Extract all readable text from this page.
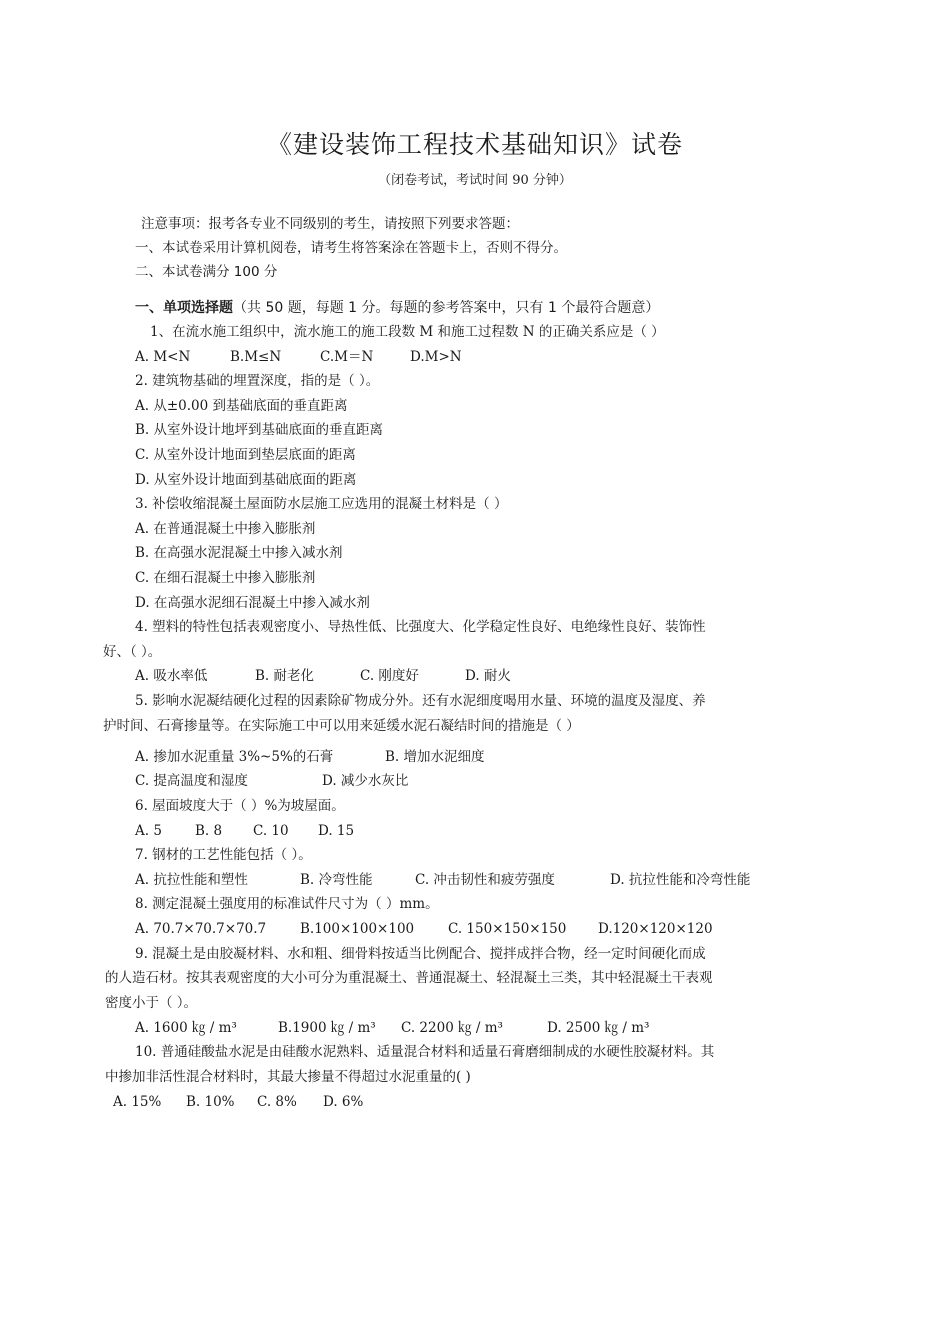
《建设装饰工程技术基础知识》试卷
（闭卷考试，考试时间 90 分钟）
注意事项：报考各专业不同级别的考生，请按照下列要求答题：
一、本试卷采用计算机阅卷，请考生将答案涂在答题卡上，否则不得分。
二、本试卷满分 100 分
一、单项选择题（共 50 题，每题 1 分。每题的参考答案中，只有 1 个最符合题意）
1、在流水施工组织中，流水施工的施工段数 M 和施工过程数 N 的正确关系应是（ ）
A. M<N	B.M≤N	C.M＝N	D.M>N
2. 建筑物基础的埋置深度，指的是（ ）。
A. 从±0.00 到基础底面的垂直距离
B. 从室外设计地坪到基础底面的垂直距离
C. 从室外设计地面到垫层底面的距离
D. 从室外设计地面到基础底面的距离
3. 补偿收缩混凝土屋面防水层施工应选用的混凝土材料是（ ）
A. 在普通混凝土中掺入膨胀剂
B. 在高强水泥混凝土中掺入减水剂
C. 在细石混凝土中掺入膨胀剂
D. 在高强水泥细石混凝土中掺入减水剂
4. 塑料的特性包括表观密度小、导热性低、比强度大、化学稳定性良好、电绝缘性良好、装饰性
好、（ ）。
A. 吸水率低	B. 耐老化	C. 刚度好	D. 耐火
5. 影响水泥凝结硬化过程的因素除矿物成分外。还有水泥细度喝用水量、环境的温度及湿度、养
护时间、石膏掺量等。在实际施工中可以用来延缓水泥石凝结时间的措施是（ ）
A. 掺加水泥重量 3%~5%的石膏	B. 增加水泥细度
C. 提高温度和湿度	D. 减少水灰比
6. 屋面坡度大于（ ）%为坡屋面。
A. 5 B. 8 C. 10 D. 15
7. 钢材的工艺性能包括（ ）。
A. 抗拉性能和塑性	B. 冷弯性能	C. 冲击韧性和疲劳强度	D. 抗拉性能和冷弯性能
8. 测定混凝土强度用的标准试件尺寸为（ ）mm。
A. 70.7×70.7×70.7	B.100×100×100	C. 150×150×150 D.120×120×120
9. 混凝土是由胶凝材料、水和粗、细骨料按适当比例配合、搅拌成拌合物，经一定时间硬化而成
的人造石材。按其表观密度的大小可分为重混凝土、普通混凝土、轻混凝土三类，其中轻混凝土干表观
密度小于（ ）。
A. 1600 ㎏ / m³	B.1900 ㎏ / m³ C. 2200 ㎏ / m³	D. 2500 ㎏ / m³
10. 普通硅酸盐水泥是由硅酸水泥熟料、适量混合材料和适量石膏磨细制成的水硬性胶凝材料。其
中掺加非活性混合材料时，其最大掺量不得超过水泥重量的( )
A. 15% B. 10% C. 8% D. 6%
